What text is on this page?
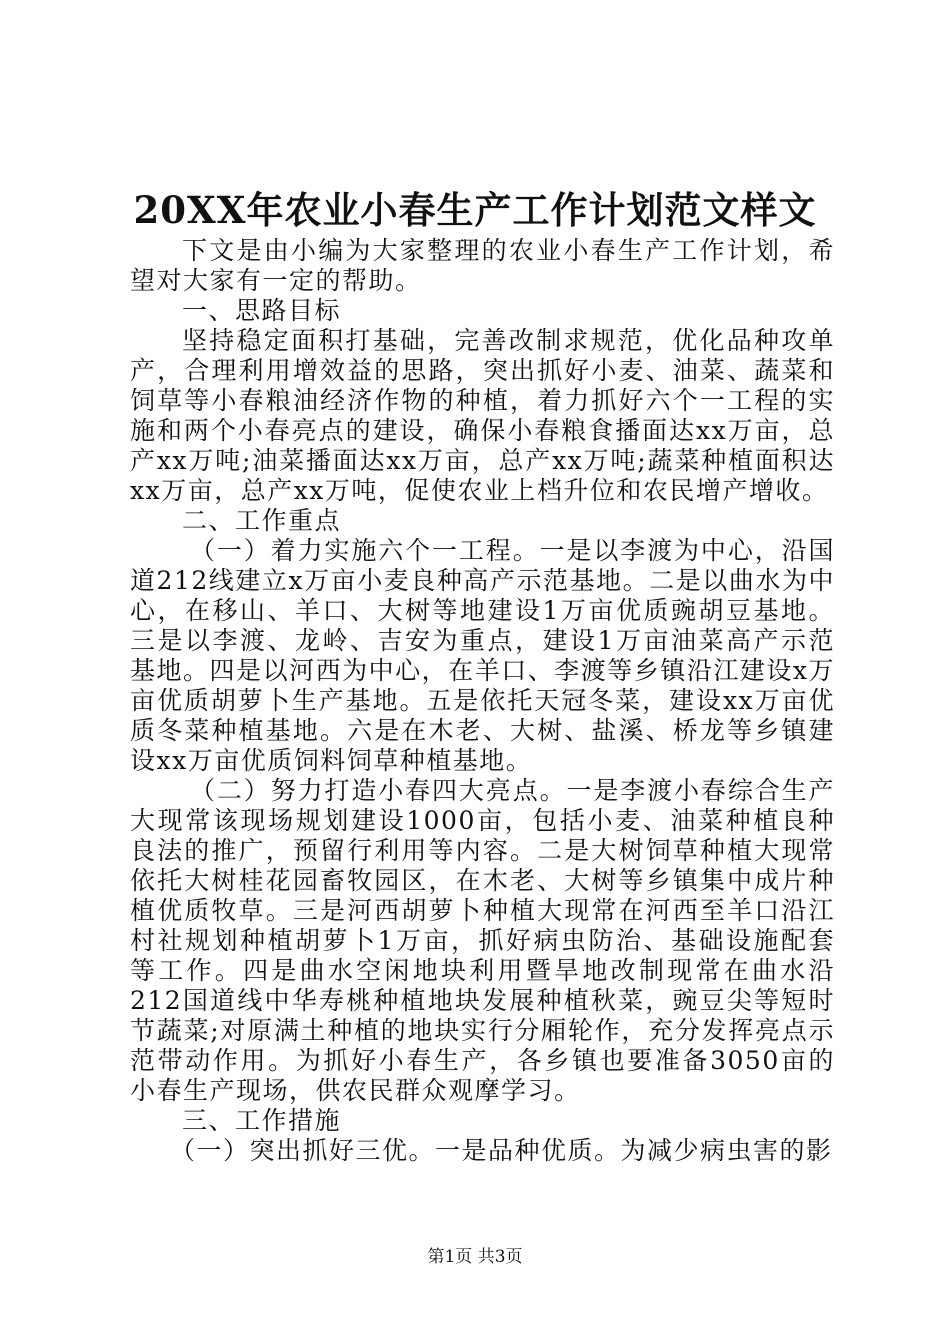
20XX年农业小春生产工作计划范文样文

下文是由小编为大家整理的农业小春生产工作计划，希望对大家有一定的帮助。

一、思路目标

坚持稳定面积打基础，完善改制求规范，优化品种攻单产，合理利用增效益的思路，突出抓好小麦、油菜、蔬菜和饲草等小春粮油经济作物的种植，着力抓好六个一工程的实施和两个小春亮点的建设，确保小春粮食播面达xx万亩，总产xx万吨;油菜播面达xx万亩，总产xx万吨;蔬菜种植面积达xx万亩，总产xx万吨，促使农业上档升位和农民增产增收。

二、工作重点

（一）着力实施六个一工程。一是以李渡为中心，沿国道212线建立x万亩小麦良种高产示范基地。二是以曲水为中心，在移山、羊口、大树等地建设1万亩优质豌胡豆基地。三是以李渡、龙岭、吉安为重点，建设1万亩油菜高产示范基地。四是以河西为中心，在羊口、李渡等乡镇沿江建设x万亩优质胡萝卜生产基地。五是依托天冠冬菜，建设xx万亩优质冬菜种植基地。六是在木老、大树、盐溪、桥龙等乡镇建设xx万亩优质饲料饲草种植基地。

（二）努力打造小春四大亮点。一是李渡小春综合生产大现常该现场规划建设1000亩，包括小麦、油菜种植良种良法的推广，预留行利用等内容。二是大树饲草种植大现常依托大树桂花园畜牧园区，在木老、大树等乡镇集中成片种植优质牧草。三是河西胡萝卜种植大现常在河西至羊口沿江村社规划种植胡萝卜1万亩，抓好病虫防治、基础设施配套等工作。四是曲水空闲地块利用暨旱地改制现常在曲水沿212国道线中华寿桃种植地块发展种植秋菜，豌豆尖等短时节蔬菜;对原满土种植的地块实行分厢轮作，充分发挥亮点示范带动作用。为抓好小春生产，各乡镇也要准备3050亩的小春生产现场，供农民群众观摩学习。

三、工作措施

（一）突出抓好三优。一是品种优质。为减少病虫害的影

第1页 共3页
